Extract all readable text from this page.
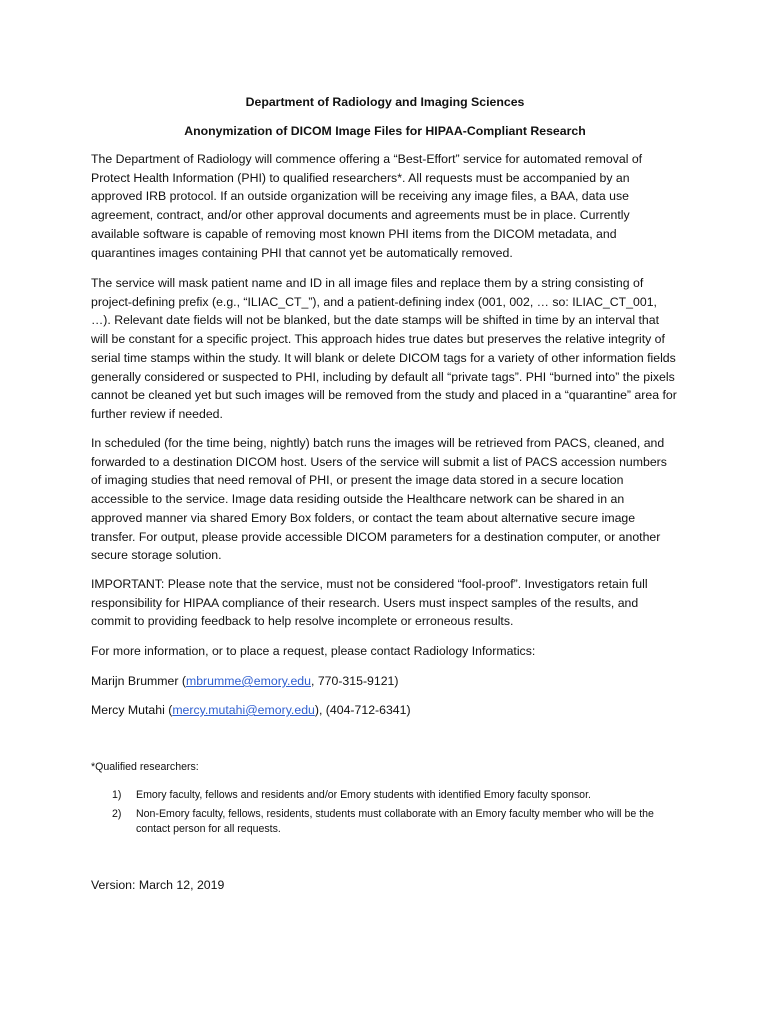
Department of Radiology and Imaging Sciences
Anonymization of DICOM Image Files for HIPAA-Compliant Research

The Department of Radiology will commence offering a “Best-Effort” service for automated removal of Protect Health Information (PHI) to qualified researchers*. All requests must be accompanied by an approved IRB protocol. If an outside organization will be receiving any image files, a BAA, data use agreement, contract, and/or other approval documents and agreements must be in place. Currently available software is capable of removing most known PHI items from the DICOM metadata, and quarantines images containing PHI that cannot yet be automatically removed.

The service will mask patient name and ID in all image files and replace them by a string consisting of project-defining prefix (e.g., “ILIAC_CT_”), and a patient-defining index (001, 002, … so: ILIAC_CT_001, …). Relevant date fields will not be blanked, but the date stamps will be shifted in time by an interval that will be constant for a specific project. This approach hides true dates but preserves the relative integrity of serial time stamps within the study. It will blank or delete DICOM tags for a variety of other information fields generally considered or suspected to PHI, including by default all “private tags”. PHI “burned into” the pixels cannot be cleaned yet but such images will be removed from the study and placed in a “quarantine” area for further review if needed.

In scheduled (for the time being, nightly) batch runs the images will be retrieved from PACS, cleaned, and forwarded to a destination DICOM host. Users of the service will submit a list of PACS accession numbers of imaging studies that need removal of PHI, or present the image data stored in a secure location accessible to the service. Image data residing outside the Healthcare network can be shared in an approved manner via shared Emory Box folders, or contact the team about alternative secure image transfer. For output, please provide accessible DICOM parameters for a destination computer, or another secure storage solution.

IMPORTANT: Please note that the service, must not be considered “fool-proof”. Investigators retain full responsibility for HIPAA compliance of their research. Users must inspect samples of the results, and commit to providing feedback to help resolve incomplete or erroneous results.

For more information, or to place a request, please contact Radiology Informatics:

Marijn Brummer (mbrumme@emory.edu, 770-315-9121)

Mercy Mutahi (mercy.mutahi@emory.edu), (404-712-6341)

*Qualified researchers:
1) Emory faculty, fellows and residents and/or Emory students with identified Emory faculty sponsor.
2) Non-Emory faculty, fellows, residents, students must collaborate with an Emory faculty member who will be the contact person for all requests.
Version: March 12, 2019
